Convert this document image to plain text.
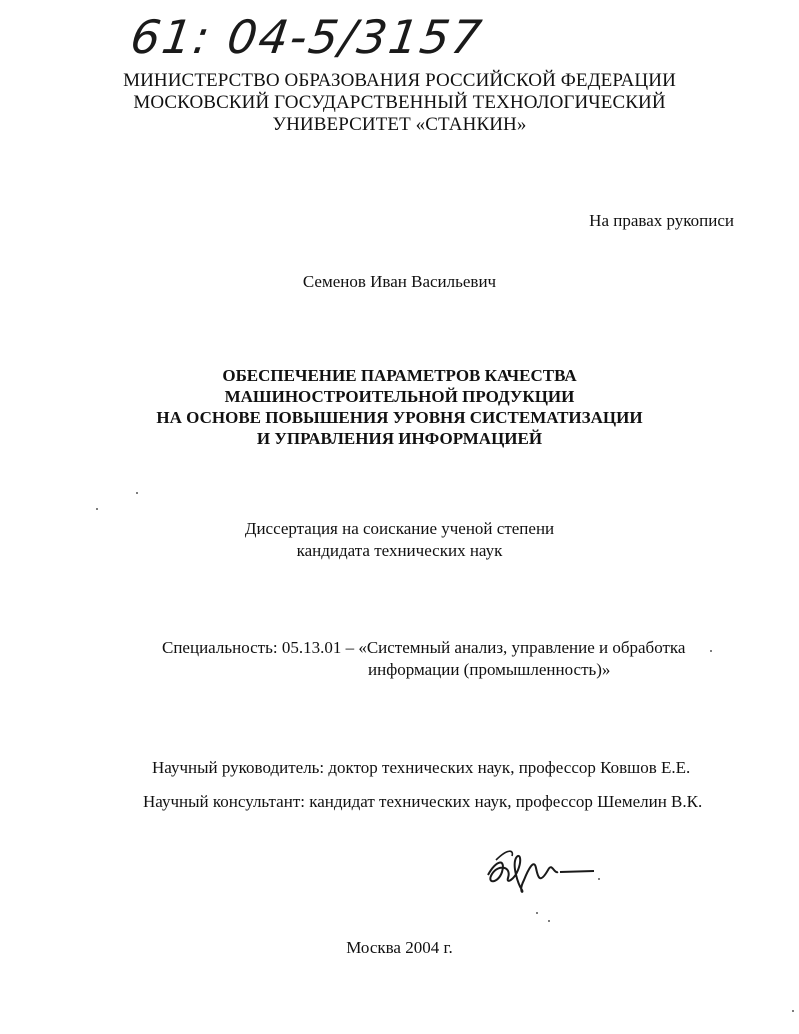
61: 04-5/3157
МИНИСТЕРСТВО ОБРАЗОВАНИЯ РОССИЙСКОЙ ФЕДЕРАЦИИ
МОСКОВСКИЙ ГОСУДАРСТВЕННЫЙ ТЕХНОЛОГИЧЕСКИЙ
УНИВЕРСИТЕТ «СТАНКИН»
На правах рукописи
Семенов Иван Васильевич
ОБЕСПЕЧЕНИЕ ПАРАМЕТРОВ КАЧЕСТВА
МАШИНОСТРОИТЕЛЬНОЙ ПРОДУКЦИИ
НА ОСНОВЕ ПОВЫШЕНИЯ УРОВНЯ СИСТЕМАТИЗАЦИИ
И УПРАВЛЕНИЯ ИНФОРМАЦИЕЙ
Диссертация на соискание ученой степени
кандидата технических наук
Специальность: 05.13.01 – «Системный анализ, управление и обработка
информации (промышленность)»
Научный руководитель: доктор технических наук, профессор Ковшов Е.Е.
Научный консультант: кандидат технических наук, профессор Шемелин В.К.
Москва 2004 г.
